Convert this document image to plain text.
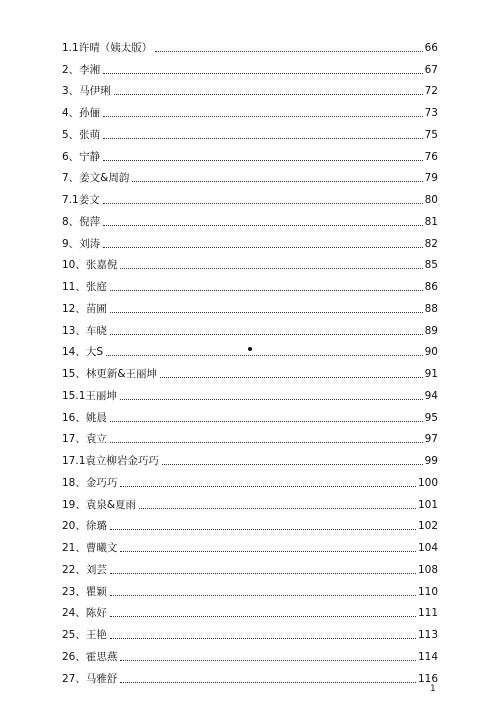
1.1许晴（姨太版）	66
2、李湘	67
3、马伊琍	72
4、孙俪	73
5、张萌	75
6、宁静	76
7、姜文&周韵	79
7.1姜文	80
8、倪萍	81
9、刘涛	82
10、张嘉倪	85
11、张庭	86
12、苗圃	88
13、车晓	89
14、大S	90
15、林更新&王丽坤	91
15.1王丽坤	94
16、姚晨	95
17、袁立	97
17.1袁立柳岩金巧巧	99
18、金巧巧	100
19、袁泉&夏雨	101
20、徐璐	102
21、曹曦文	104
22、刘芸	108
23、瞿颖	110
24、陈好	111
25、王艳	113
26、霍思燕	114
27、马雅舒	116
1
